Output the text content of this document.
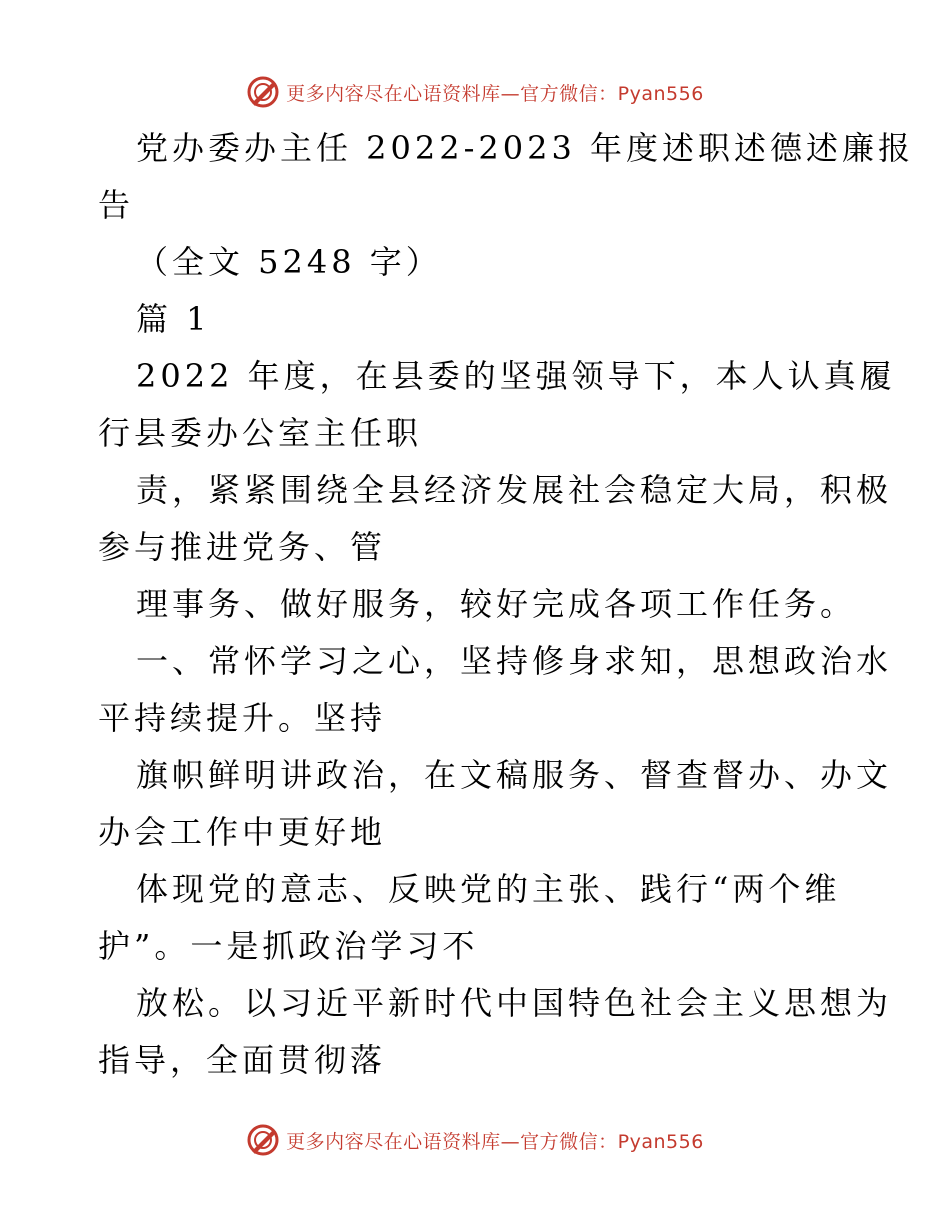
更多内容尽在心语资料库—官方微信：Pyan556
党办委办主任 2022-2023 年度述职述德述廉报
告
（全文 5248 字）
篇 1
2022 年度，在县委的坚强领导下，本人认真履
行县委办公室主任职
责，紧紧围绕全县经济发展社会稳定大局，积极
参与推进党务、管
理事务、做好服务，较好完成各项工作任务。
一、常怀学习之心，坚持修身求知，思想政治水
平持续提升。坚持
旗帜鲜明讲政治，在文稿服务、督查督办、办文
办会工作中更好地
体现党的意志、反映党的主张、践行“两个维
护”。一是抓政治学习不
放松。以习近平新时代中国特色社会主义思想为
指导，全面贯彻落
更多内容尽在心语资料库—官方微信：Pyan556
